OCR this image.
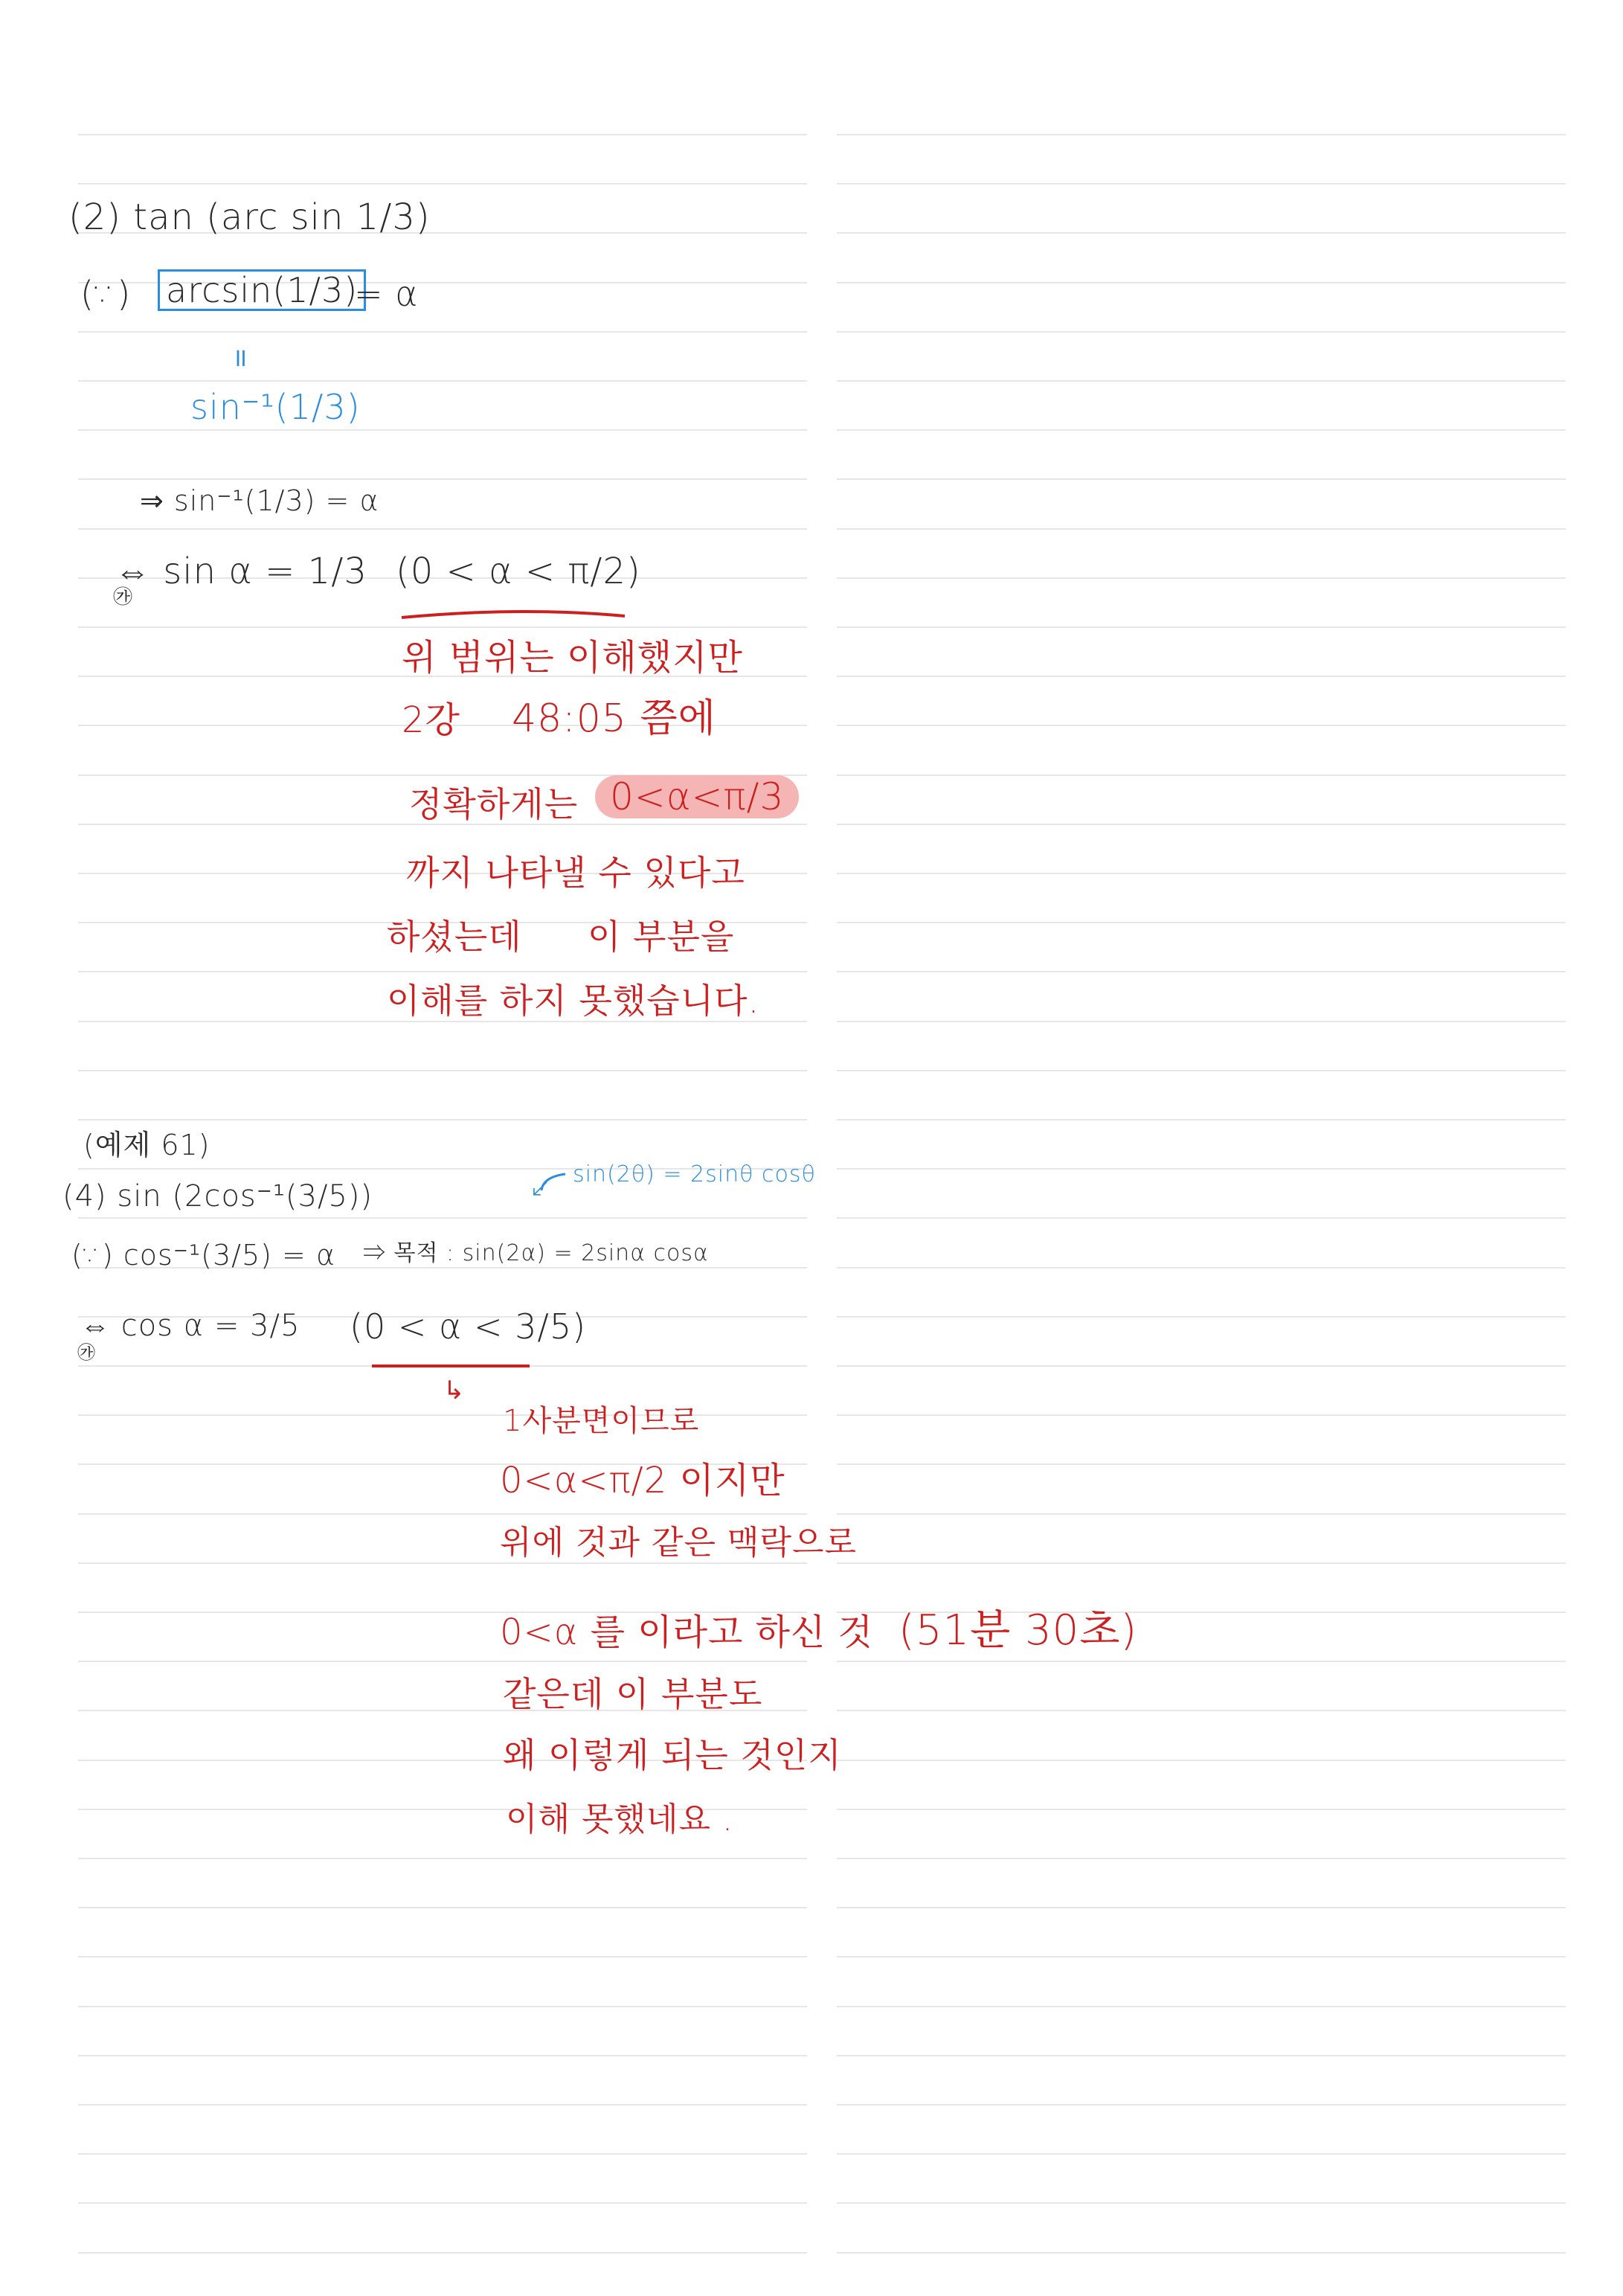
(2) tan (arc sin 1/3)
(∵) arcsin(1/3)
= α
॥
sin⁻¹(1/3)
⇒ sin⁻¹(1/3) = α
⇔ sin α = 1/3
㉮
(0 < α < π/2)
위 범위는 이해했지만
2강 48:05 쯤에
정확하게는 0<α<π/3
까지 나타낼 수 있다고
하셨는데 이 부분을
이해를 하지 못했습니다.
(예제 61)
(4) sin (2cos⁻¹(3/5))
sin(2θ) = 2sinθ cosθ
↙
(∵) cos⁻¹(3/5) = α ⇒ 목적 : sin(2α) = 2sinα cosα
⇔ cos α = 3/5
㉮
(0 < α < 3/5)
↳
1사분면이므로
0<α<π/2 이지만
위에 것과 같은 맥락으로
0<α 를 이라고 하신 것 (51분 30초)
같은데 이 부분도
왜 이렇게 되는 것인지
이해 못했네요 .
